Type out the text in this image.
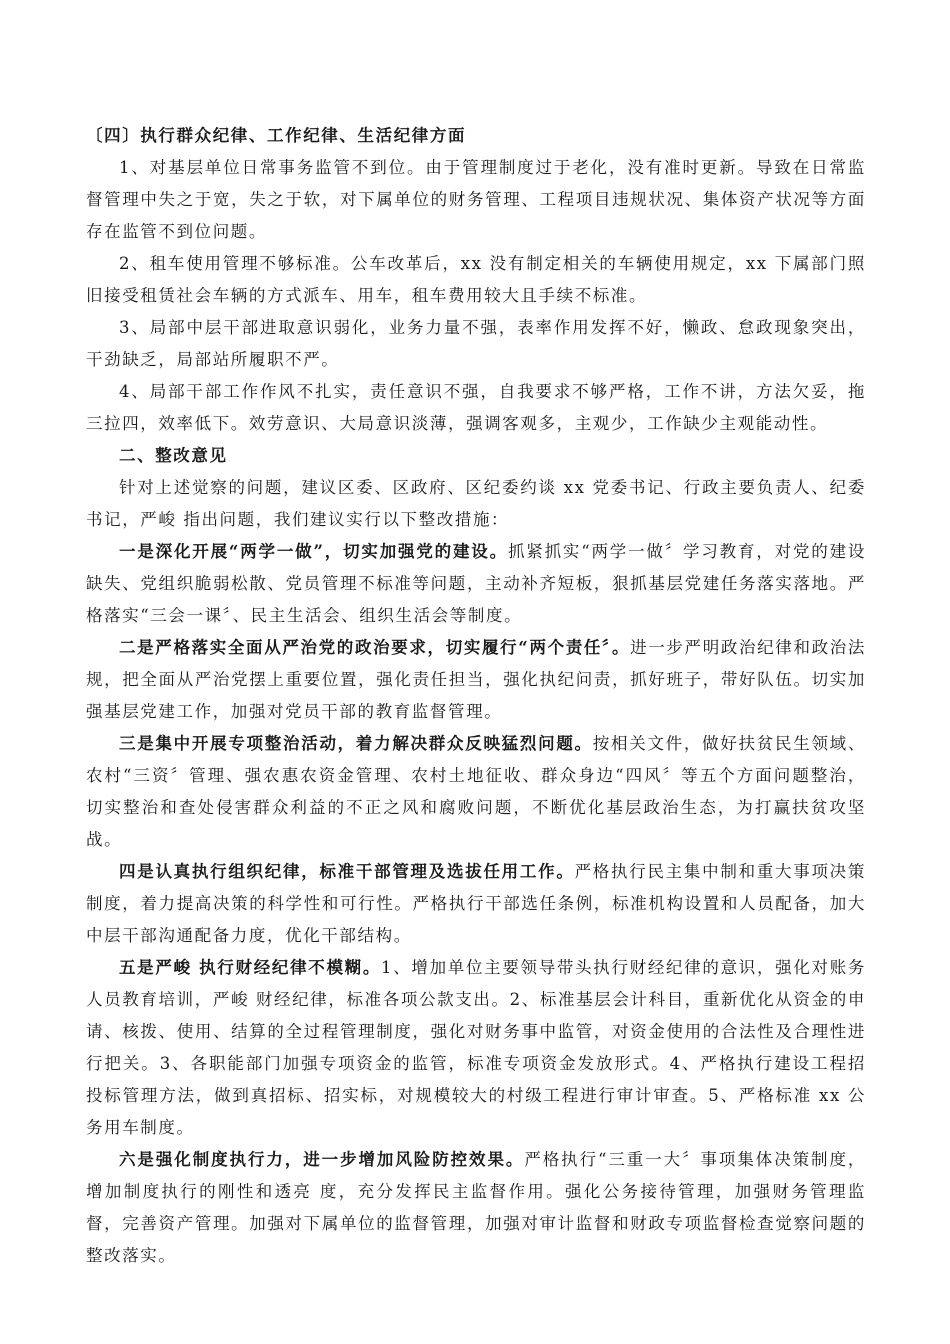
〔四〕执行群众纪律、工作纪律、生活纪律方面

1、对基层单位日常事务监管不到位。由于管理制度过于老化，没有准时更新。导致在日常监督管理中失之于宽，失之于软，对下属单位的财务管理、工程项目违规状况、集体资产状况等方面存在监管不到位问题。

2、租车使用管理不够标准。公车改革后，xx 没有制定相关的车辆使用规定，xx 下属部门照旧接受租赁社会车辆的方式派车、用车，租车费用较大且手续不标准。

3、局部中层干部进取意识弱化，业务力量不强，表率作用发挥不好，懒政、怠政现象突出，干劲缺乏，局部站所履职不严。

4、局部干部工作作风不扎实，责任意识不强，自我要求不够严格，工作不讲，方法欠妥，拖三拉四，效率低下。效劳意识、大局意识淡薄，强调客观多，主观少，工作缺少主观能动性。

二、整改意见

针对上述觉察的问题，建议区委、区政府、区纪委约谈 xx 党委书记、行政主要负责人、纪委书记，严峻 指出问题，我们建议实行以下整改措施：

一是深化开展“两学一做”，切实加强党的建设。抓紧抓实“两学一做〞学习教育，对党的建设缺失、党组织脆弱松散、党员管理不标准等问题，主动补齐短板，狠抓基层党建任务落实落地。严格落实“三会一课〞、民主生活会、组织生活会等制度。

二是严格落实全面从严治党的政治要求，切实履行“两个责任〞。进一步严明政治纪律和政治法规，把全面从严治党摆上重要位置，强化责任担当，强化执纪问责，抓好班子，带好队伍。切实加强基层党建工作，加强对党员干部的教育监督管理。

三是集中开展专项整治活动，着力解决群众反映猛烈问题。按相关文件，做好扶贫民生领域、农村“三资〞管理、强农惠农资金管理、农村土地征收、群众身边“四风〞等五个方面问题整治，切实整治和查处侵害群众利益的不正之风和腐败问题，不断优化基层政治生态，为打赢扶贫攻坚战。

四是认真执行组织纪律，标准干部管理及选拔任用工作。严格执行民主集中制和重大事项决策制度，着力提高决策的科学性和可行性。严格执行干部选任条例，标准机构设置和人员配备，加大中层干部沟通配备力度，优化干部结构。

五是严峻 执行财经纪律不模糊。1、增加单位主要领导带头执行财经纪律的意识，强化对账务人员教育培训，严峻 财经纪律，标准各项公款支出。2、标准基层会计科目，重新优化从资金的申请、核拨、使用、结算的全过程管理制度，强化对财务事中监管，对资金使用的合法性及合理性进行把关。3、各职能部门加强专项资金的监管，标准专项资金发放形式。4、严格执行建设工程招投标管理方法，做到真招标、招实标，对规模较大的村级工程进行审计审查。5、严格标准 xx 公务用车制度。

六是强化制度执行力，进一步增加风险防控效果。严格执行“三重一大〞事项集体决策制度，增加制度执行的刚性和透亮 度，充分发挥民主监督作用。强化公务接待管理，加强财务管理监督，完善资产管理。加强对下属单位的监督管理，加强对审计监督和财政专项监督检查觉察问题的整改落实。
